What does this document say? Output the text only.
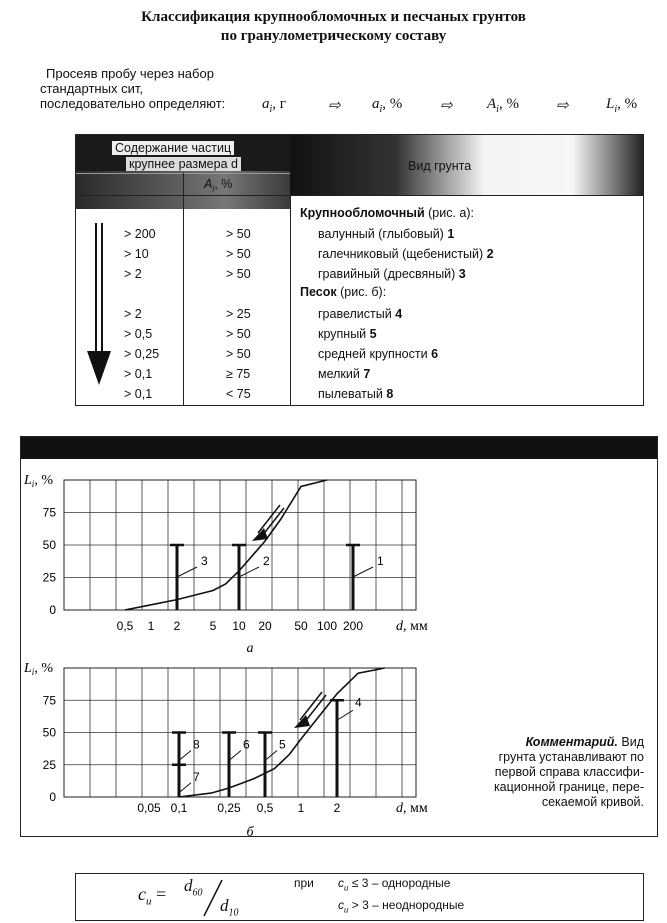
Классификация крупнообломочных и песчаных грунтов
по гранулометрическому составу
Просеяв пробу через набор
стандартных сит,
последовательно определяют: $a_i$, г	⇨ $a_i$, %	⇨ $A_i$, % ⇨ $L_i$, %
Содержание частиц
крупнее размера d	Вид грунта
$A_i$, %
Крупнообломочный (рис. а):
Песок (рис. б):
> 200	> 50	валунный (глыбовый) 1
> 10	> 50	галечниковый (щебенистый) 2
> 2	> 50	гравийный (дресвяный) 3
> 2	> 25	гравелистый 4
> 0,5	> 50	крупный 5
> 0,25	> 50	средней крупности 6
> 0,1	≥ 75	мелкий 7
> 0,1	< 75	пылеватый 8
0
25
50
75
$L_i$, %
0,5 1 2 5 10 20 50 100 200 d, мм
а
3	2	1
0
25
50
75
$L_i$, %
0,05 0,1 0,25 0,5 1 2	d, мм
б
8
7
6 5
4
Комментарий. Вид
грунта устанавливают по
первой справа классифи-
кационной границе, пере-
секаемой кривой.
$c_u = d_{60}$
$d_{10}$
при $c_u \le 3$ – однородные
$c_u > 3$ – неоднородные
